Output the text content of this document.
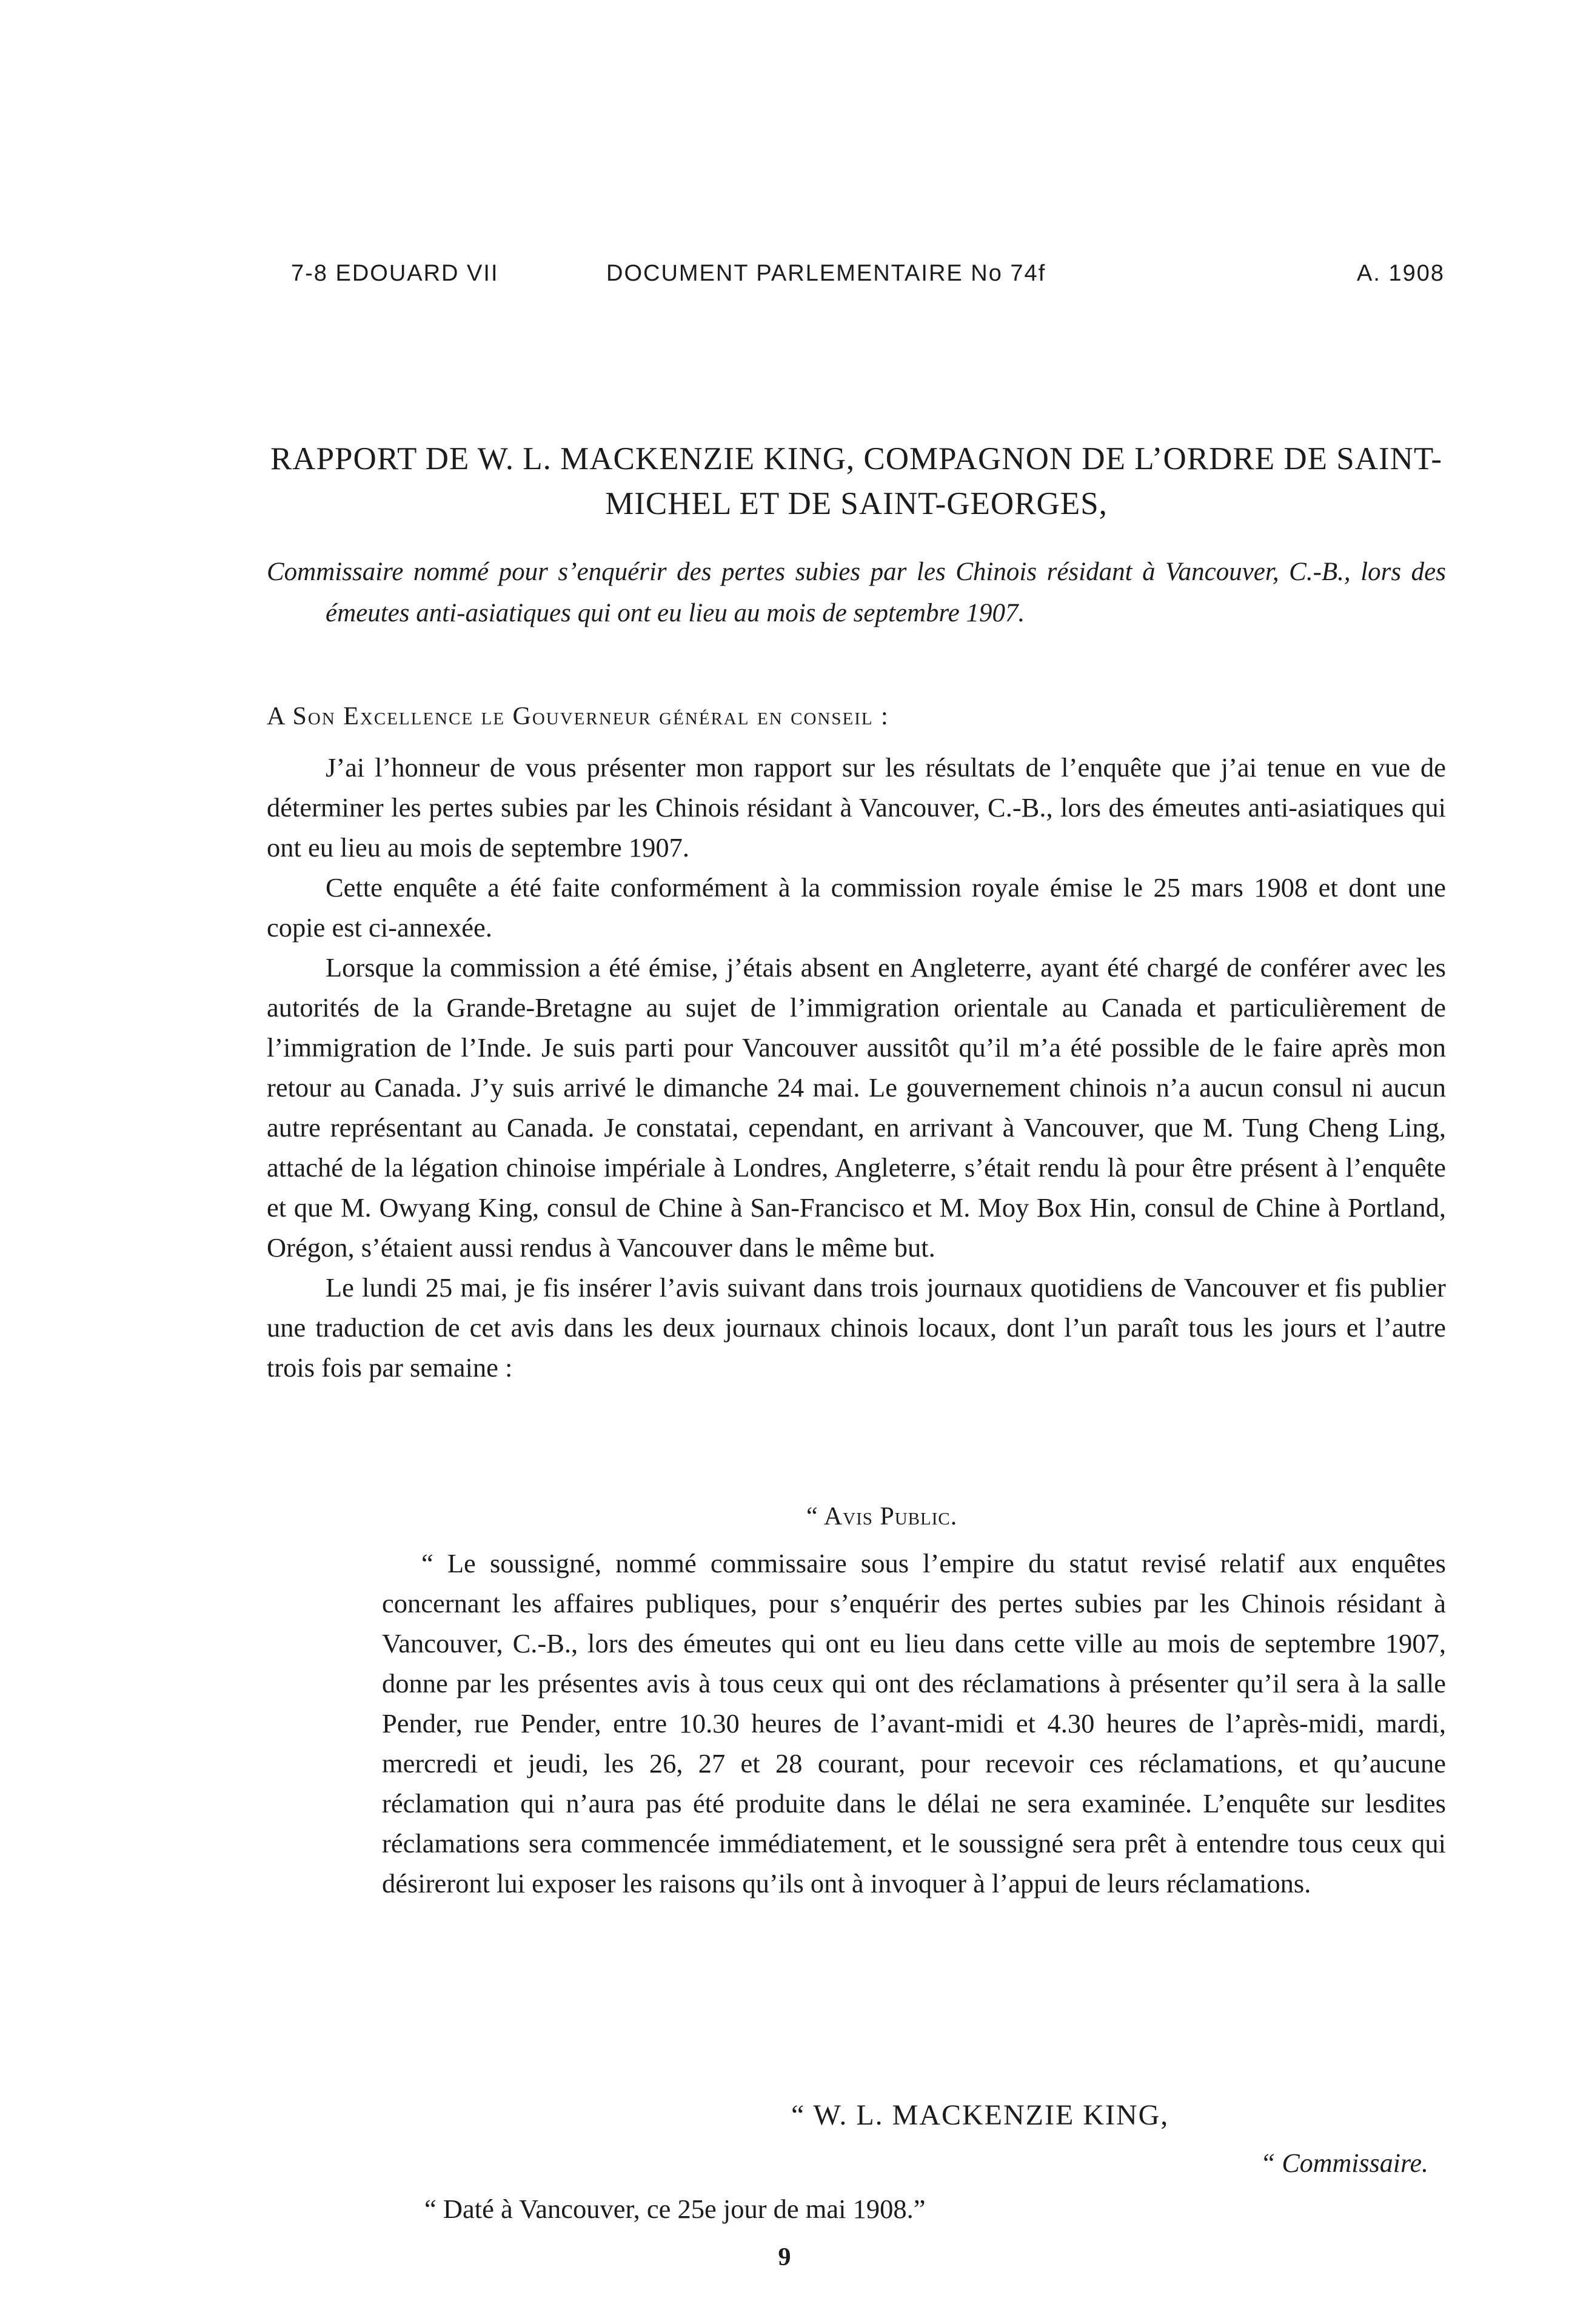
7-8 EDOUARD VII	DOCUMENT PARLEMENTAIRE No 74f	A. 1908
RAPPORT DE W. L. MACKENZIE KING, COMPAGNON DE L’ORDRE DE SAINT-MICHEL ET DE SAINT-GEORGES,
Commissaire nommé pour s’enquérir des pertes subies par les Chinois résidant à Vancouver, C.-B., lors des émeutes anti-asiatiques qui ont eu lieu au mois de septembre 1907.
A Son Excellence le Gouverneur général en conseil :

J’ai l’honneur de vous présenter mon rapport sur les résultats de l’enquête que j’ai tenue en vue de déterminer les pertes subies par les Chinois résidant à Vancouver, C.-B., lors des émeutes anti-asiatiques qui ont eu lieu au mois de septembre 1907.

Cette enquête a été faite conformément à la commission royale émise le 25 mars 1908 et dont une copie est ci-annexée.

Lorsque la commission a été émise, j’étais absent en Angleterre, ayant été chargé de conférer avec les autorités de la Grande-Bretagne au sujet de l’immigration orientale au Canada et particulièrement de l’immigration de l’Inde. Je suis parti pour Vancouver aussitôt qu’il m’a été possible de le faire après mon retour au Canada. J’y suis arrivé le dimanche 24 mai. Le gouvernement chinois n’a aucun consul ni aucun autre représentant au Canada. Je constatai, cependant, en arrivant à Vancouver, que M. Tung Cheng Ling, attaché de la légation chinoise impériale à Londres, Angleterre, s’était rendu là pour être présent à l’enquête et que M. Owyang King, consul de Chine à San-Francisco et M. Moy Box Hin, consul de Chine à Portland, Orégon, s’étaient aussi rendus à Vancouver dans le même but.

Le lundi 25 mai, je fis insérer l’avis suivant dans trois journaux quotidiens de Vancouver et fis publier une traduction de cet avis dans les deux journaux chinois locaux, dont l’un paraît tous les jours et l’autre trois fois par semaine :

“ Avis Public.
“ Le soussigné, nommé commissaire sous l’empire du statut revisé relatif aux enquêtes concernant les affaires publiques, pour s’enquérir des pertes subies par les Chinois résidant à Vancouver, C.-B., lors des émeutes qui ont eu lieu dans cette ville au mois de septembre 1907, donne par les présentes avis à tous ceux qui ont des réclamations à présenter qu’il sera à la salle Pender, rue Pender, entre 10.30 heures de l’avant-midi et 4.30 heures de l’après-midi, mardi, mercredi et jeudi, les 26, 27 et 28 courant, pour recevoir ces réclamations, et qu’aucune réclamation qui n’aura pas été produite dans le délai ne sera examinée. L’enquête sur lesdites réclamations sera commencée immédiatement, et le soussigné sera prêt à entendre tous ceux qui désireront lui exposer les raisons qu’ils ont à invoquer à l’appui de leurs réclamations.
“ W. L. MACKENZIE KING,
“ Commissaire.
“ Daté à Vancouver, ce 25e jour de mai 1908.”
9
